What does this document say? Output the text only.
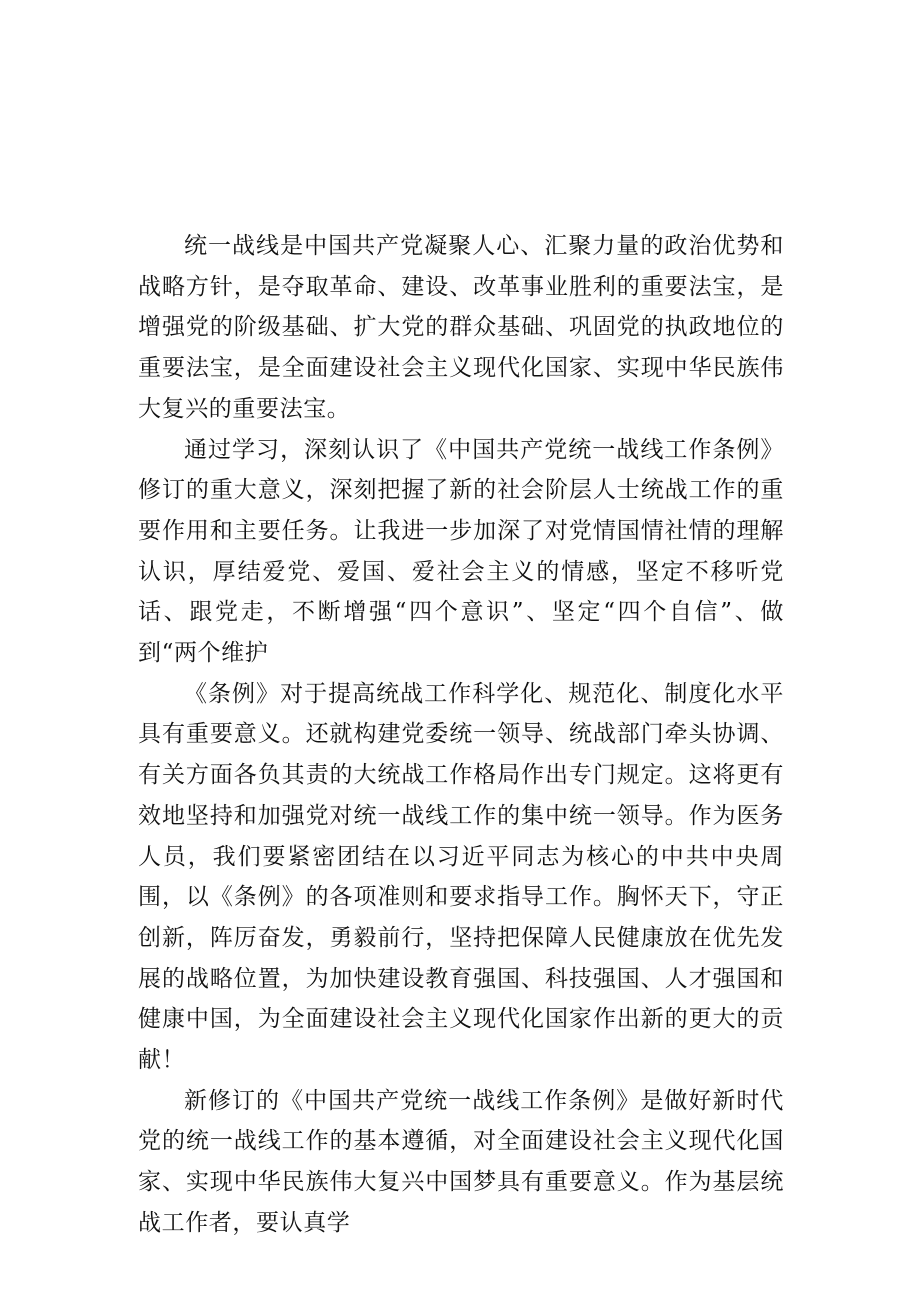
统一战线是中国共产党凝聚人心、汇聚力量的政治优势和战略方针，是夺取革命、建设、改革事业胜利的重要法宝，是增强党的阶级基础、扩大党的群众基础、巩固党的执政地位的重要法宝，是全面建设社会主义现代化国家、实现中华民族伟大复兴的重要法宝。

通过学习，深刻认识了《中国共产党统一战线工作条例》修订的重大意义，深刻把握了新的社会阶层人士统战工作的重要作用和主要任务。让我进一步加深了对党情国情社情的理解认识，厚结爱党、爱国、爱社会主义的情感，坚定不移听党话、跟党走，不断增强“四个意识”、坚定“四个自信”、做到“两个维护

《条例》对于提高统战工作科学化、规范化、制度化水平具有重要意义。还就构建党委统一领导、统战部门牵头协调、有关方面各负其责的大统战工作格局作出专门规定。这将更有效地坚持和加强党对统一战线工作的集中统一领导。作为医务人员，我们要紧密团结在以习近平同志为核心的中共中央周围，以《条例》的各项准则和要求指导工作。胸怀天下，守正创新，阵厉奋发，勇毅前行，坚持把保障人民健康放在优先发展的战略位置，为加快建设教育强国、科技强国、人才强国和健康中国，为全面建设社会主义现代化国家作出新的更大的贡献！

新修订的《中国共产党统一战线工作条例》是做好新时代党的统一战线工作的基本遵循，对全面建设社会主义现代化国家、实现中华民族伟大复兴中国梦具有重要意义。作为基层统战工作者，要认真学
